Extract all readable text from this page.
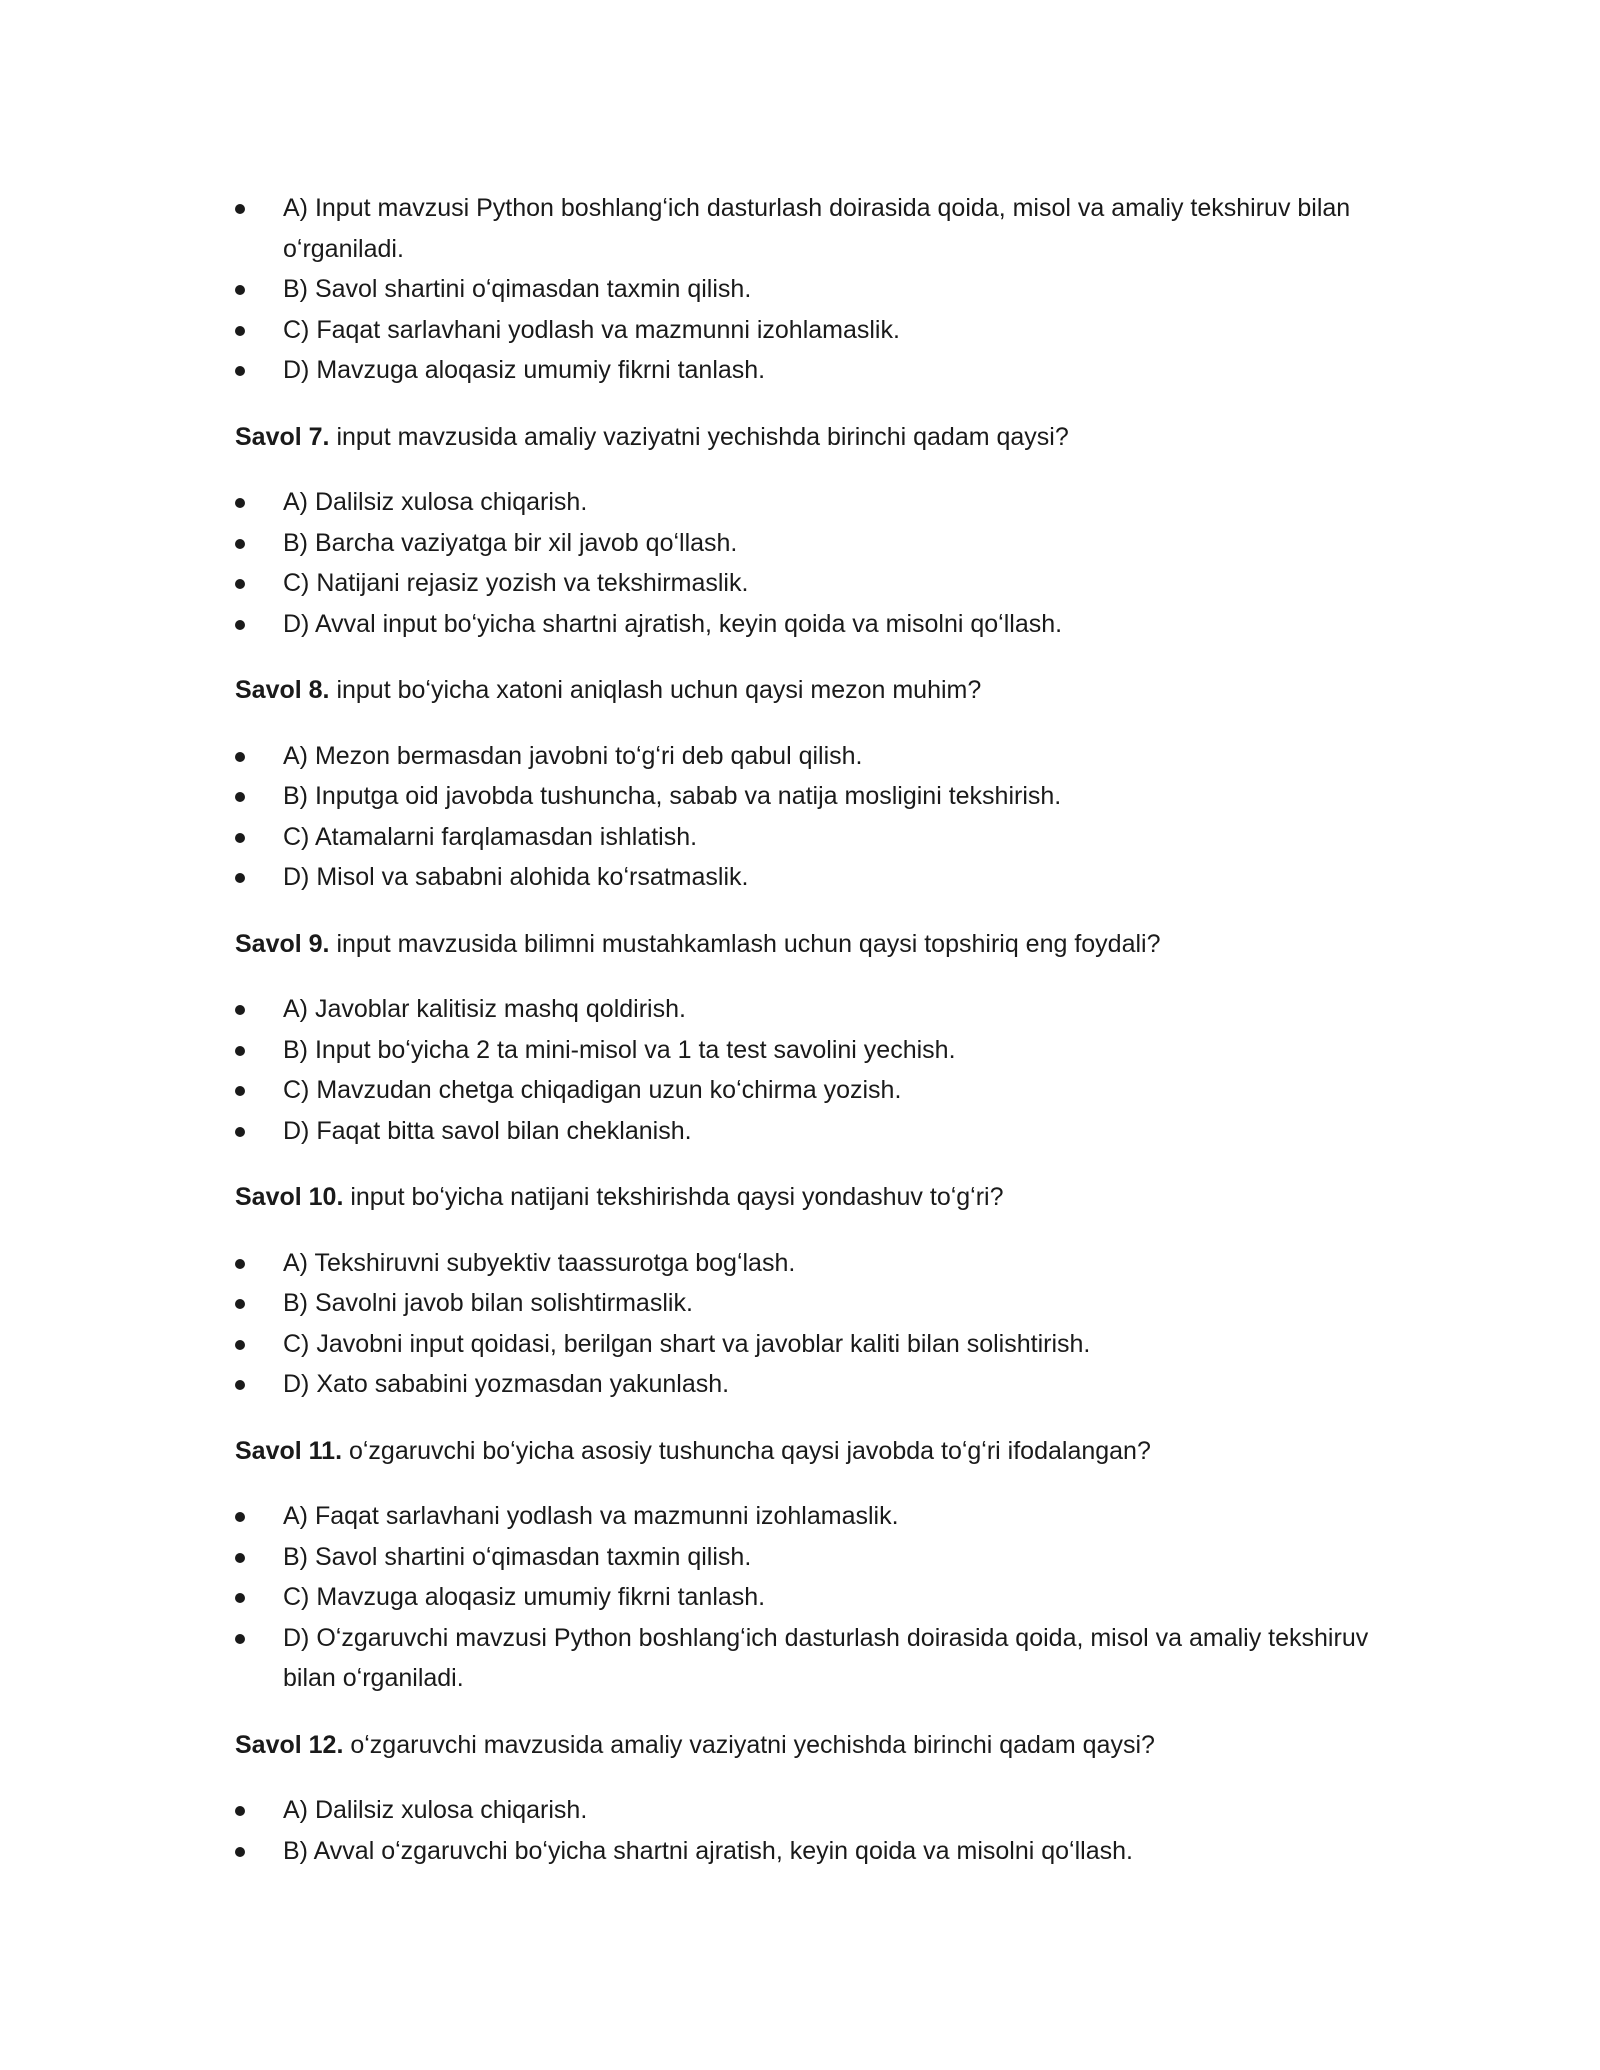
A) Input mavzusi Python boshlangʻich dasturlash doirasida qoida, misol va amaliy tekshiruv bilan oʻrganiladi.
B) Savol shartini oʻqimasdan taxmin qilish.
C) Faqat sarlavhani yodlash va mazmunni izohlamaslik.
D) Mavzuga aloqasiz umumiy fikrni tanlash.

Savol 7. input mavzusida amaliy vaziyatni yechishda birinchi qadam qaysi?

A) Dalilsiz xulosa chiqarish.
B) Barcha vaziyatga bir xil javob qoʻllash.
C) Natijani rejasiz yozish va tekshirmaslik.
D) Avval input boʻyicha shartni ajratish, keyin qoida va misolni qoʻllash.

Savol 8. input boʻyicha xatoni aniqlash uchun qaysi mezon muhim?

A) Mezon bermasdan javobni toʻgʻri deb qabul qilish.
B) Inputga oid javobda tushuncha, sabab va natija mosligini tekshirish.
C) Atamalarni farqlamasdan ishlatish.
D) Misol va sababni alohida koʻrsatmaslik.

Savol 9. input mavzusida bilimni mustahkamlash uchun qaysi topshiriq eng foydali?

A) Javoblar kalitisiz mashq qoldirish.
B) Input boʻyicha 2 ta mini-misol va 1 ta test savolini yechish.
C) Mavzudan chetga chiqadigan uzun koʻchirma yozish.
D) Faqat bitta savol bilan cheklanish.

Savol 10. input boʻyicha natijani tekshirishda qaysi yondashuv toʻgʻri?

A) Tekshiruvni subyektiv taassurotga bogʻlash.
B) Savolni javob bilan solishtirmaslik.
C) Javobni input qoidasi, berilgan shart va javoblar kaliti bilan solishtirish.
D) Xato sababini yozmasdan yakunlash.

Savol 11. oʻzgaruvchi boʻyicha asosiy tushuncha qaysi javobda toʻgʻri ifodalangan?

A) Faqat sarlavhani yodlash va mazmunni izohlamaslik.
B) Savol shartini oʻqimasdan taxmin qilish.
C) Mavzuga aloqasiz umumiy fikrni tanlash.
D) Oʻzgaruvchi mavzusi Python boshlangʻich dasturlash doirasida qoida, misol va amaliy tekshiruv bilan oʻrganiladi.

Savol 12. oʻzgaruvchi mavzusida amaliy vaziyatni yechishda birinchi qadam qaysi?

A) Dalilsiz xulosa chiqarish.
B) Avval oʻzgaruvchi boʻyicha shartni ajratish, keyin qoida va misolni qoʻllash.
